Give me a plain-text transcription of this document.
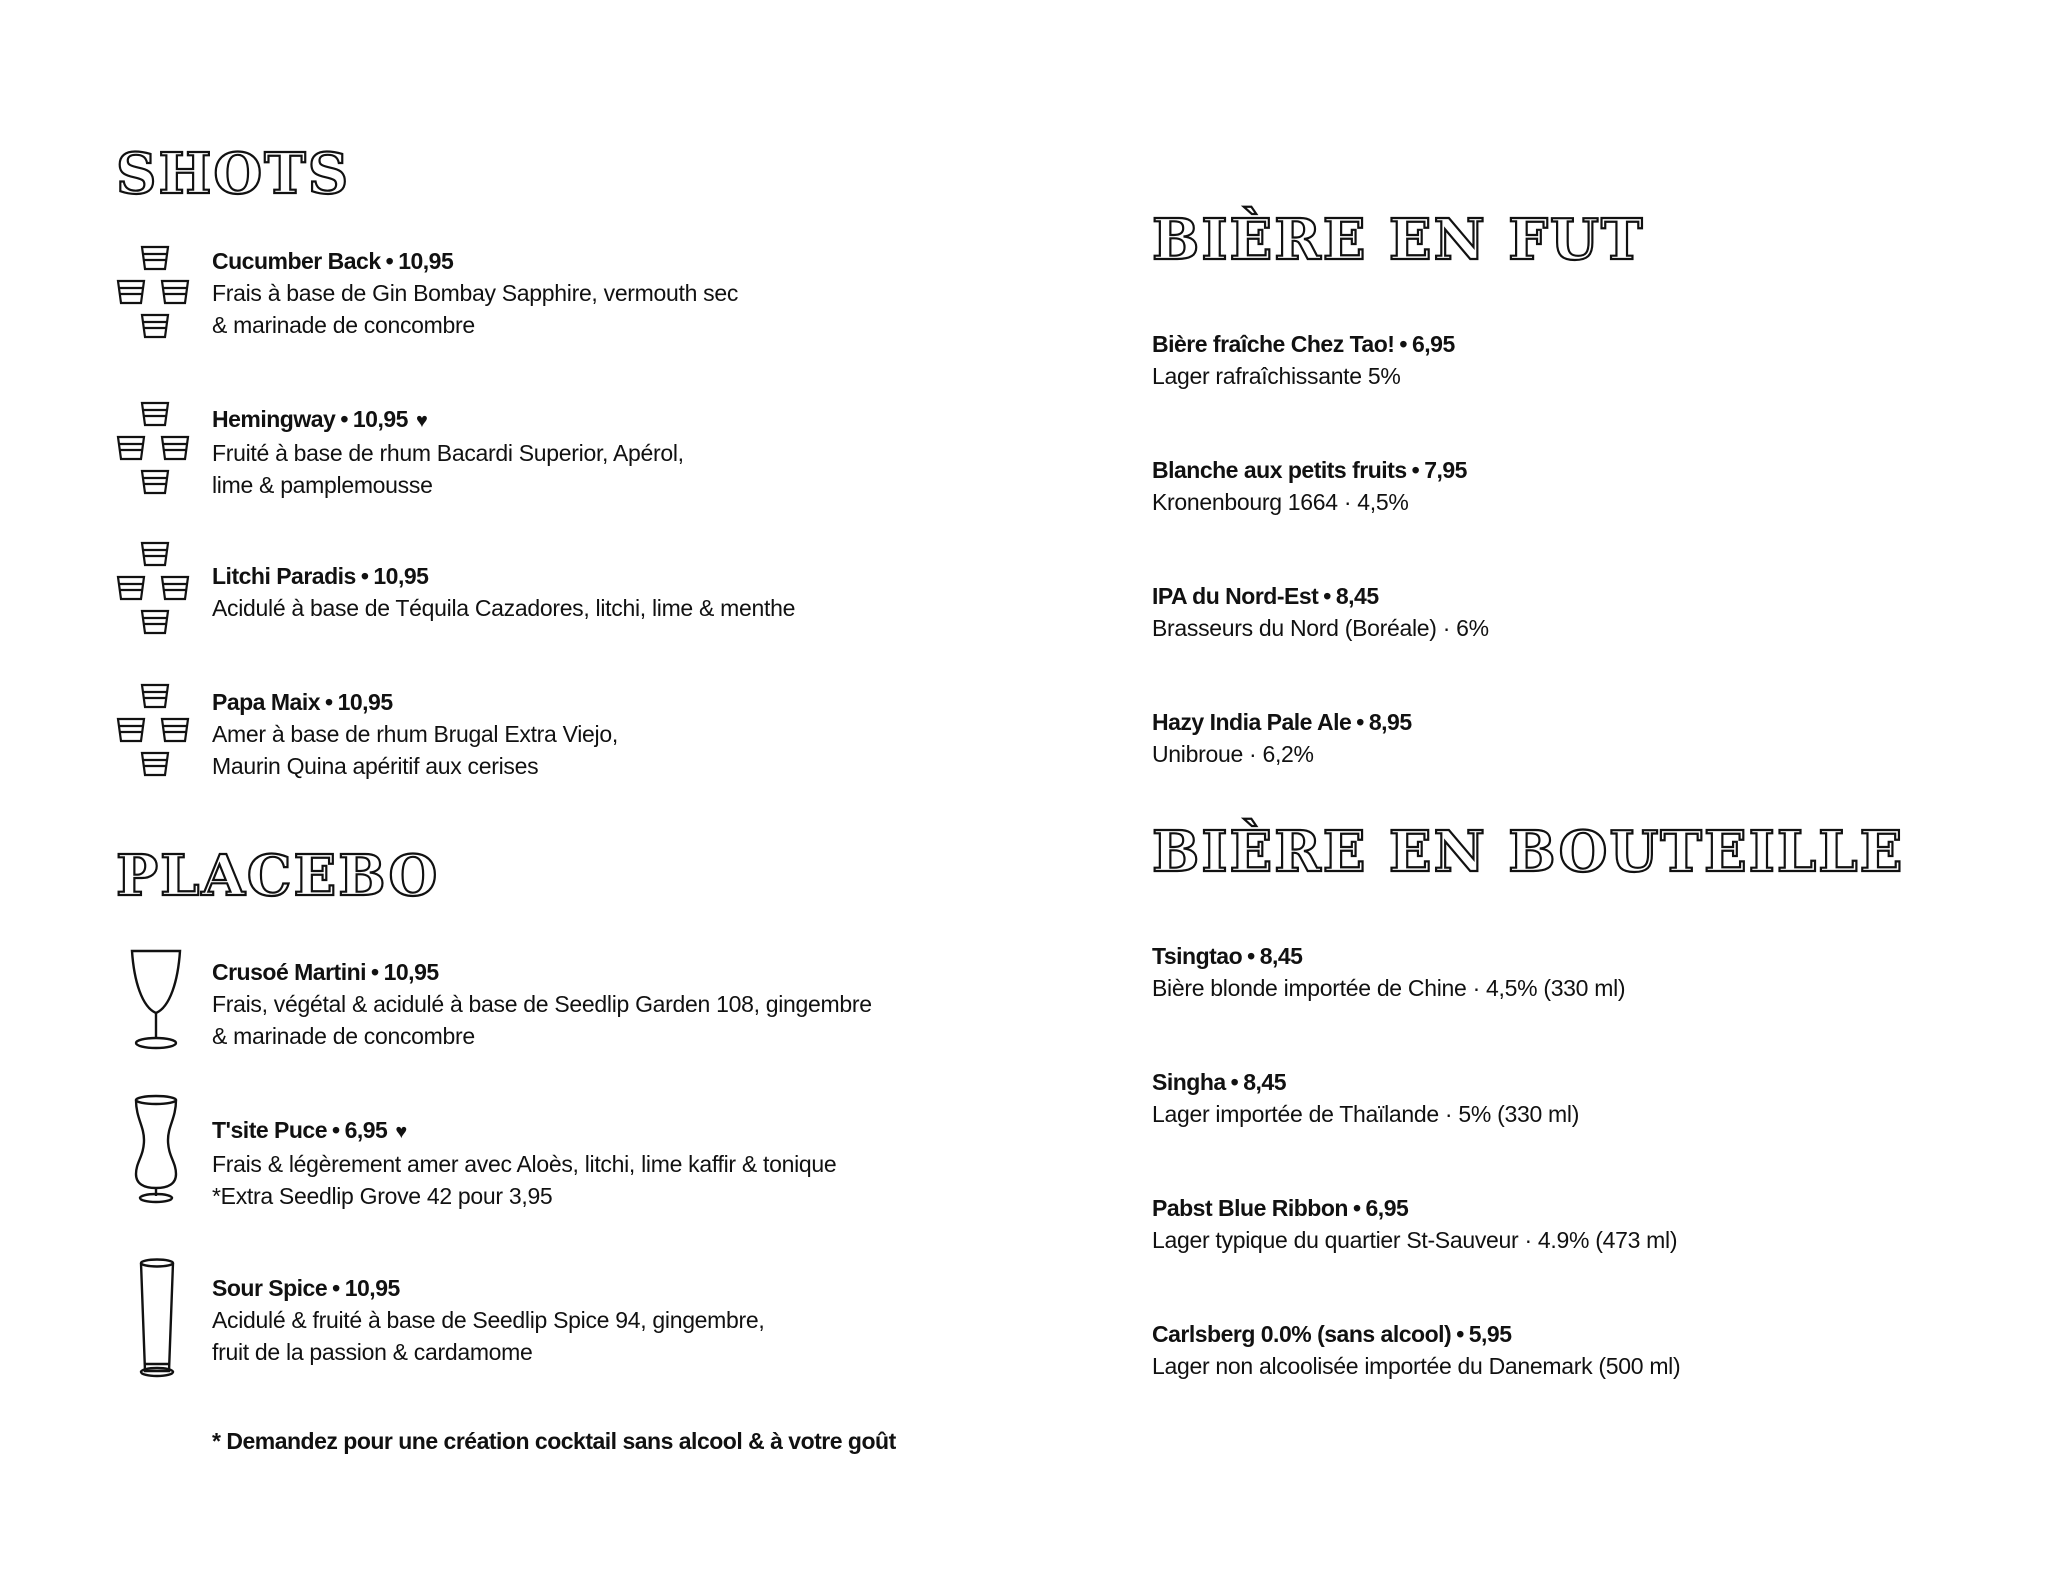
SHOTS
PLACEBO
BIÈRE EN FUT
BIÈRE EN BOUTEILLE
Cucumber Back • 10,95
Frais à base de Gin Bombay Sapphire, vermouth sec
& marinade de concombre
Hemingway • 10,95 ♥
Fruité à base de rhum Bacardi Superior, Apérol,
lime & pamplemousse
Litchi Paradis • 10,95
Acidulé à base de Téquila Cazadores, litchi, lime & menthe
Papa Maix • 10,95
Amer à base de rhum Brugal Extra Viejo,
Maurin Quina apéritif aux cerises
Crusoé Martini • 10,95
Frais, végétal & acidulé à base de Seedlip Garden 108, gingembre
& marinade de concombre
T'site Puce • 6,95 ♥
Frais & légèrement amer avec Aloès, litchi, lime kaffir & tonique
*Extra Seedlip Grove 42 pour 3,95
Sour Spice • 10,95
Acidulé & fruité à base de Seedlip Spice 94, gingembre,
fruit de la passion & cardamome
* Demandez pour une création cocktail sans alcool & à votre goût
Bière fraîche Chez Tao! • 6,95
Lager rafraîchissante 5%
Blanche aux petits fruits • 7,95
Kronenbourg 1664 · 4,5%
IPA du Nord-Est • 8,45
Brasseurs du Nord (Boréale) · 6%
Hazy India Pale Ale • 8,95
Unibroue · 6,2%
Tsingtao • 8,45
Bière blonde importée de Chine · 4,5% (330 ml)
Singha • 8,45
Lager importée de Thaïlande · 5% (330 ml)
Pabst Blue Ribbon • 6,95
Lager typique du quartier St-Sauveur · 4.9% (473 ml)
Carlsberg 0.0% (sans alcool) • 5,95
Lager non alcoolisée importée du Danemark (500 ml)
